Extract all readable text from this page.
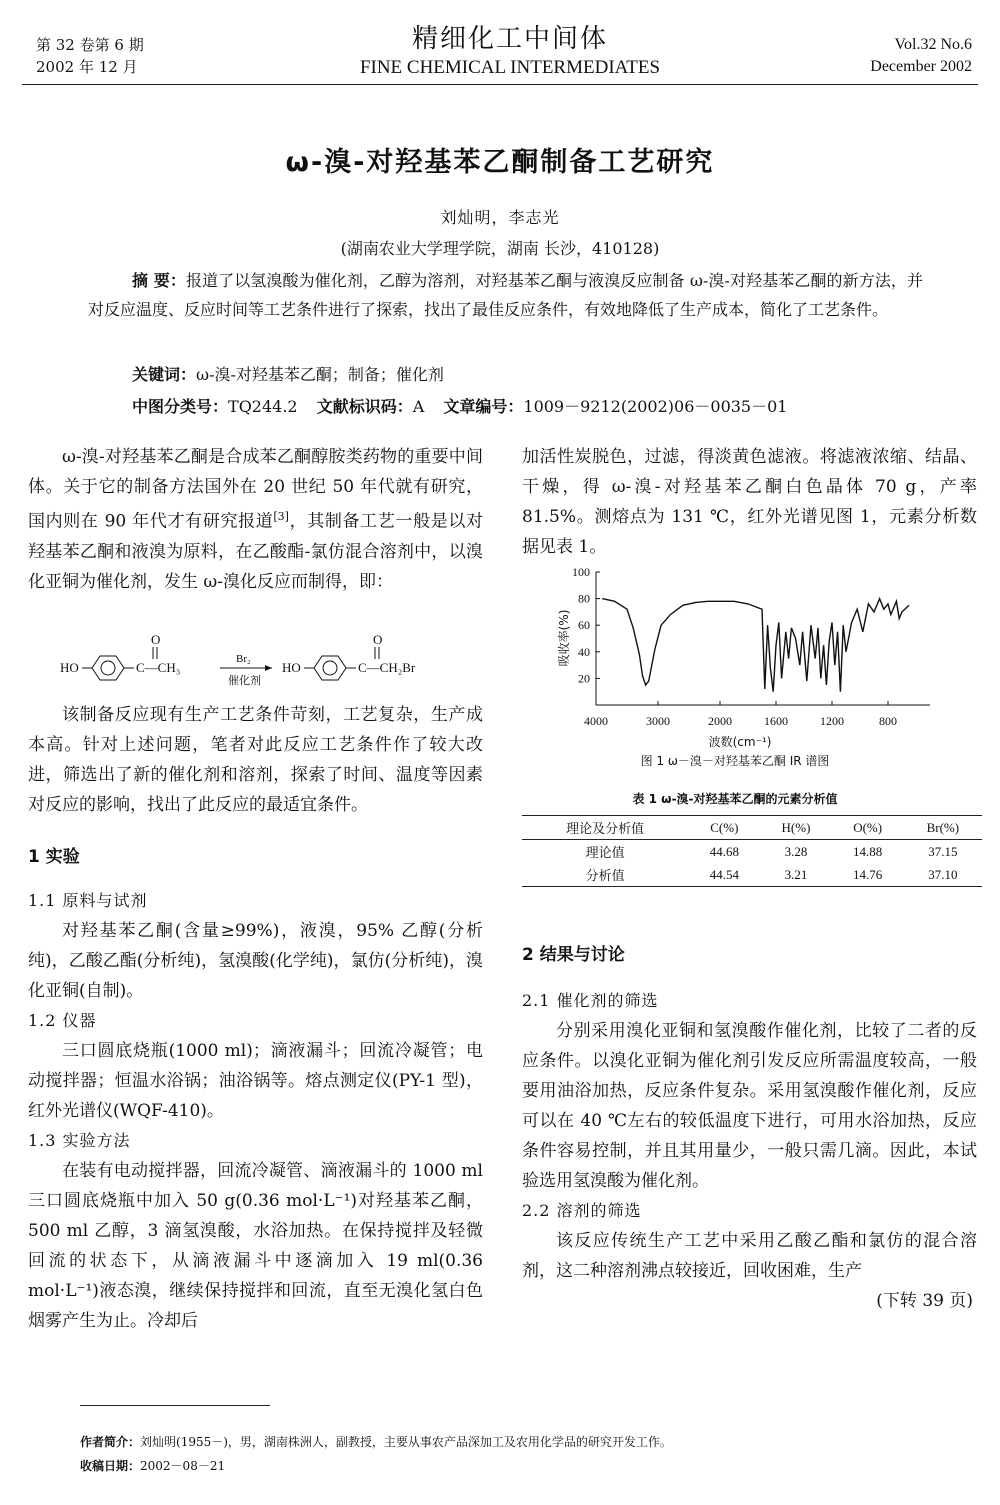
第 32 卷第 6 期
2002 年 12 月
精细化工中间体
FINE CHEMICAL INTERMEDIATES
Vol.32 No.6
December 2002
ω-溴-对羟基苯乙酮制备工艺研究
刘灿明，李志光
(湖南农业大学理学院，湖南 长沙，410128)
摘 要：报道了以氢溴酸为催化剂，乙醇为溶剂，对羟基苯乙酮与液溴反应制备 ω-溴-对羟基苯乙酮的新方法，并对反应温度、反应时间等工艺条件进行了探索，找出了最佳反应条件，有效地降低了生产成本，简化了工艺条件。
关键词：ω-溴-对羟基苯乙酮；制备；催化剂
中图分类号：TQ244.2 文献标识码：A 文章编号：1009－9212(2002)06－0035－01

ω-溴-对羟基苯乙酮是合成苯乙酮醇胺类药物的重要中间体。关于它的制备方法国外在 20 世纪 50 年代就有研究，国内则在 90 年代才有研究报道[3]，其制备工艺一般是以对羟基苯乙酮和液溴为原料，在乙酸酯-氯仿混合溶剂中，以溴化亚铜为催化剂，发生 ω-溴化反应而制得，即：

HO
O
C—CH₃
Br₂
催化剂
HO
O
C—CH₂Br

该制备反应现有生产工艺条件苛刻，工艺复杂，生产成本高。针对上述问题，笔者对此反应工艺条件作了较大改进，筛选出了新的催化剂和溶剂，探索了时间、温度等因素对反应的影响，找出了此反应的最适宜条件。

1 实验
1.1 原料与试剂

对羟基苯乙酮(含量≥99%)，液溴，95% 乙醇(分析纯)，乙酸乙酯(分析纯)，氢溴酸(化学纯)，氯仿(分析纯)，溴化亚铜(自制)。

1.2 仪器

三口圆底烧瓶(1000 ml)；滴液漏斗；回流冷凝管；电动搅拌器；恒温水浴锅；油浴锅等。熔点测定仪(PY-1 型)，红外光谱仪(WQF-410)。

1.3 实验方法

在装有电动搅拌器，回流冷凝管、滴液漏斗的 1000 ml 三口圆底烧瓶中加入 50 g(0.36 mol·L⁻¹)对羟基苯乙酮，500 ml 乙醇，3 滴氢溴酸，水浴加热。在保持搅拌及轻微回流的状态下，从滴液漏斗中逐滴加入 19 ml(0.36 mol·L⁻¹)液态溴，继续保持搅拌和回流，直至无溴化氢白色烟雾产生为止。冷却后

加活性炭脱色，过滤，得淡黄色滤液。将滤液浓缩、结晶、干燥，得 ω-溴-对羟基苯乙酮白色晶体 70 g，产率 81.5%。测熔点为 131 ℃，红外光谱见图 1，元素分析数据见表 1。

20
40
60
80
100
4000	3000	2000	1600	1200	800
吸收率(%)
波数(cm⁻¹)
图 1 ω－溴－对羟基苯乙酮 IR 谱图
表 1 ω-溴-对羟基苯乙酮的元素分析值
理论及分析值	C(%)	H(%)	O(%)	Br(%)
理论值	44.68	3.28	14.88	37.15
分析值	44.54	3.21	14.76	37.10
2 结果与讨论
2.1 催化剂的筛选

分别采用溴化亚铜和氢溴酸作催化剂，比较了二者的反应条件。以溴化亚铜为催化剂引发反应所需温度较高，一般要用油浴加热，反应条件复杂。采用氢溴酸作催化剂，反应可以在 40 ℃左右的较低温度下进行，可用水浴加热，反应条件容易控制，并且其用量少，一般只需几滴。因此，本试验选用氢溴酸为催化剂。

2.2 溶剂的筛选

该反应传统生产工艺中采用乙酸乙酯和氯仿的混合溶剂，这二种溶剂沸点较接近，回收困难，生产

(下转 39 页)
作者简介：刘灿明(1955－)，男，湖南株洲人，副教授，主要从事农产品深加工及农用化学品的研究开发工作。
收稿日期：2002－08－21
